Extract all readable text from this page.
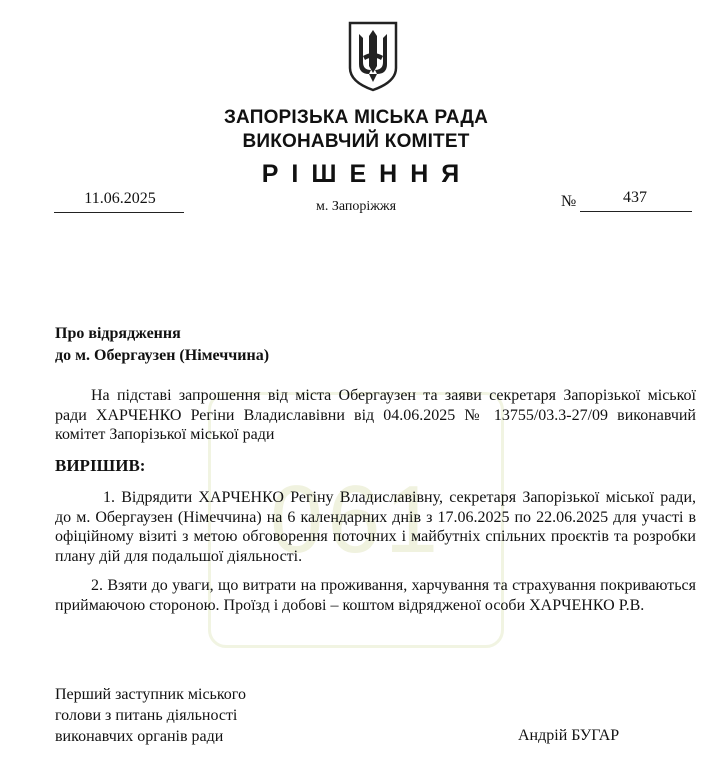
ЗАПОРІЗЬКА МІСЬКА РАДА
ВИКОНАВЧИЙ КОМІТЕТ
РІШЕННЯ
11.06.2025	м. Запоріжжя	№	437
061
Про відрядження
до м. Обергаузен (Німеччина)
На підставі запрошення від міста Обергаузен та заяви секретаря Запорізької міської ради ХАРЧЕНКО Регіни Владиславівни від 04.06.2025 № 13755/03.3-27/09 виконавчий комітет Запорізької міської ради
ВИРІШИВ:
1. Відрядити ХАРЧЕНКО Регіну Владиславівну, секретаря Запорізької міської ради, до м. Обергаузен (Німеччина) на 6 календарних днів з 17.06.2025 по 22.06.2025 для участі в офіційному візиті з метою обговорення поточних і майбутніх спільних проєктів та розробки плану дій для подальшої діяльності.
2. Взяти до уваги, що витрати на проживання, харчування та страхування покриваються приймаючою стороною. Проїзд і добові – коштом відрядженої особи ХАРЧЕНКО Р.В.
Перший заступник міського
голови з питань діяльності
виконавчих органів ради	Андрій БУГАР
